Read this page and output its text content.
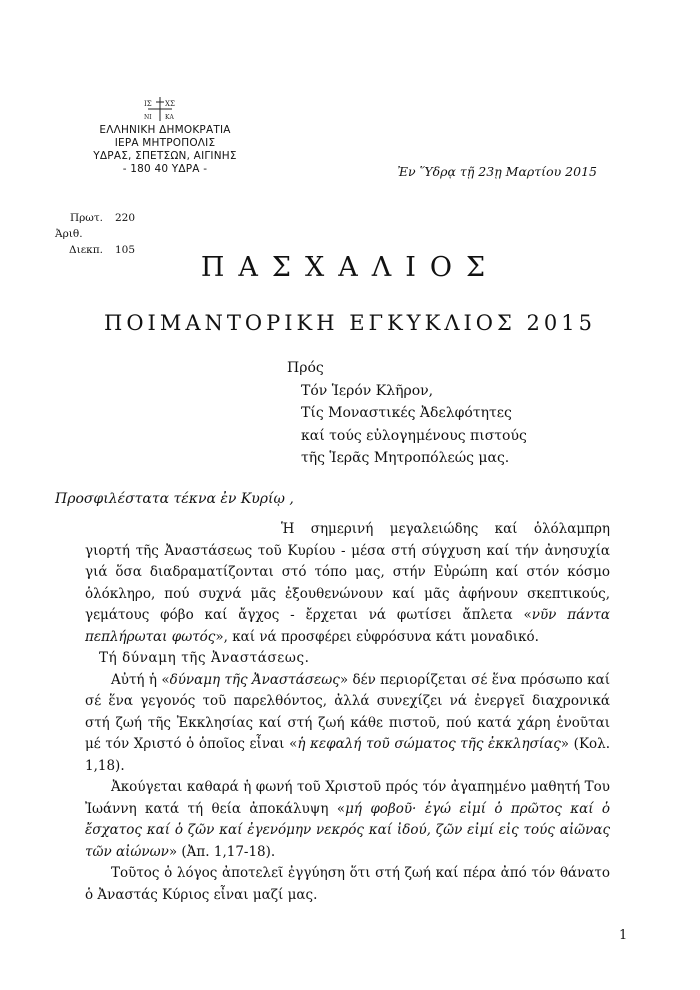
ΙΣ ΧΣ
ΝΙ ΚΑ
ΕΛΛΗΝΙΚΗ ΔΗΜΟΚΡΑΤΙΑ
ΙΕΡΑ ΜΗΤΡΟΠΟΛΙΣ
ΥΔΡΑΣ, ΣΠΕΤΣΩΝ, ΑΙΓΙΝΗΣ
- 180 40 ΥΔΡΑ -	Ἐν Ὕδρᾳ τῇ 23ῃ Μαρτίου 2015
Πρωτ. 220
Ἀριθ.
Διεκπ. 105
ΠΑΣΧΑΛΙΟΣ
ΠΟΙΜΑΝΤΟΡΙΚΗ ΕΓΚΥΚΛΙΟΣ 2015
Πρός
Τόν Ἱερόν Κλῆρον,
Τίς Μοναστικές Ἀδελφότητες
καί τούς εὐλογημένους πιστούς
τῆς Ἱερᾶς Μητροπόλεώς μας.
Προσφιλέστατα τέκνα ἐν Κυρίῳ ,

Ἡ σημερινή μεγαλειώδης καί ὁλόλαμπρη γιορτή τῆς Ἀναστάσεως τοῦ Κυρίου - μέσα στή σύγχυση καί τήν ἀνησυχία γιά ὅσα διαδραματίζονται στό τόπο μας, στήν Εὐρώπη καί στόν κόσμο ὁλόκληρο, πού συχνά μᾶς ἐξουθενώνουν καί μᾶς ἀφήνουν σκεπτικούς, γεμάτους φόβο καί ἄγχος - ἔρχεται νά φωτίσει ἄπλετα «νῦν πάντα πεπλήρωται φωτός», καί νά προσφέρει εὐφρόσυνα κάτι μοναδικό.

Τή δύναμη τῆς Ἀναστάσεως.

Αὐτή ἡ «δύναμη τῆς Ἀναστάσεως» δέν περιορίζεται σέ ἕνα πρόσωπο καί σέ ἕνα γεγονός τοῦ παρελθόντος, ἀλλά συνεχίζει νά ἐνεργεῖ διαχρονικά στή ζωή τῆς Ἐκκλησίας καί στή ζωή κάθε πιστοῦ, πού κατά χάρη ἑνοῦται μέ τόν Χριστό ὁ ὁποῖος εἶναι «ἡ κεφαλή τοῦ σώματος τῆς ἐκκλησίας» (Κολ. 1,18).

Ἀκούγεται καθαρά ἡ φωνή τοῦ Χριστοῦ πρός τόν ἀγαπημένο μαθητή Του Ἰωάννη κατά τή θεία ἀποκάλυψη «μή φοβοῦ· ἐγώ εἰμί ὁ πρῶτος καί ὁ ἔσχατος καί ὁ ζῶν καί ἐγενόμην νεκρός καί ἰδού, ζῶν εἰμί εἰς τούς αἰῶνας τῶν αἰώνων» (Ἀπ. 1,17-18).

Τοῦτος ὁ λόγος ἀποτελεῖ ἐγγύηση ὅτι στή ζωή καί πέρα ἀπό τόν θάνατο ὁ Ἀναστάς Κύριος εἶναι μαζί μας.

1
